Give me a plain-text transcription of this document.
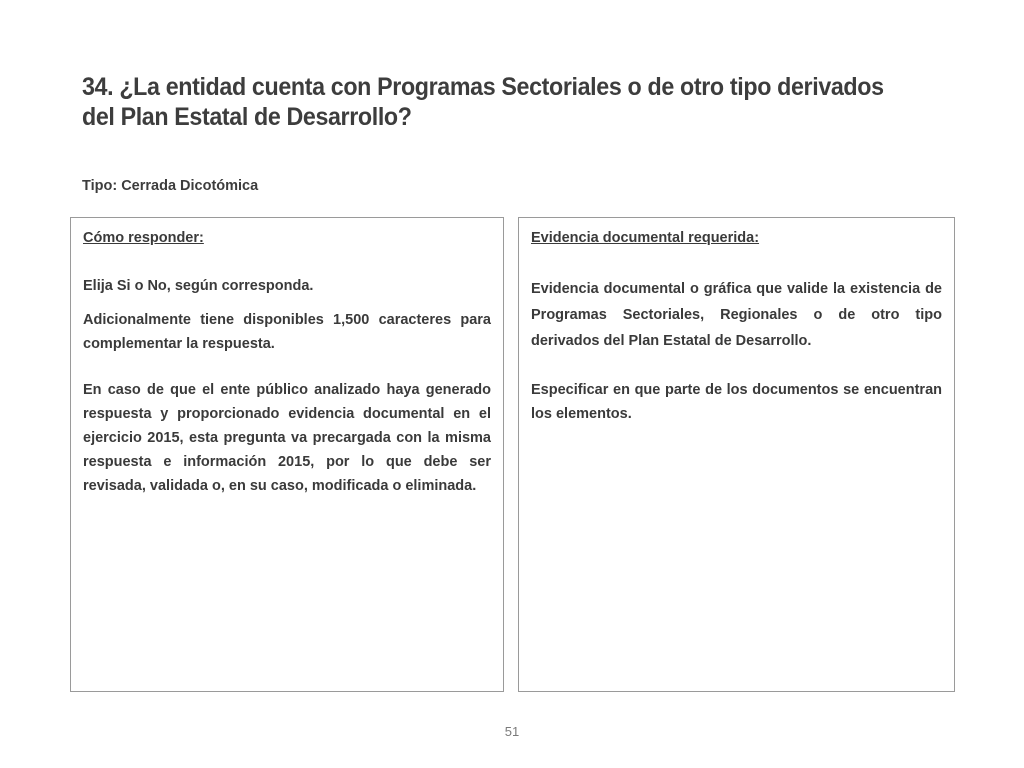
34. ¿La entidad cuenta con Programas Sectoriales o de otro tipo derivados del Plan Estatal de Desarrollo?

Tipo: Cerrada Dicotómica

Cómo responder:

Elija Si o No, según corresponda.

Adicionalmente tiene disponibles 1,500 caracteres para complementar la respuesta.

En caso de que el ente público analizado haya generado respuesta y proporcionado evidencia documental en el ejercicio 2015, esta pregunta va precargada con la misma respuesta e información 2015, por lo que debe ser revisada, validada o, en su caso, modificada o eliminada.

Evidencia documental requerida:

Evidencia documental o gráfica que valide la existencia de Programas Sectoriales, Regionales o de otro tipo derivados del Plan Estatal de Desarrollo.

Especificar en que parte de los documentos se encuentran los elementos.

51
